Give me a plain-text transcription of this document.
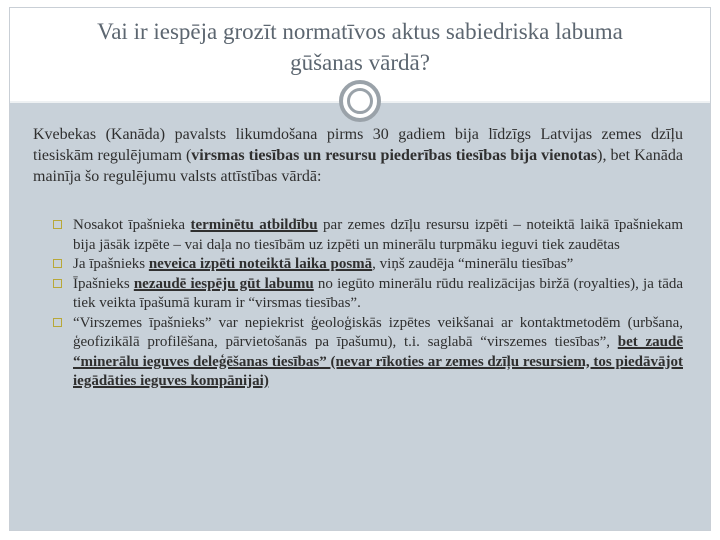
Vai ir iespēja grozīt normatīvos aktus sabiedriska labuma
gūšanas vārdā?

Kvebekas (Kanāda) pavalsts likumdošana pirms 30 gadiem bija līdzīgs Latvijas zemes dzīļu tiesiskām regulējumam (virsmas tiesības un resursu piederības tiesības bija vienotas), bet Kanāda mainīja šo regulējumu valsts attīstības vārdā:

Nosakot īpašnieka terminētu atbildību par zemes dzīļu resursu izpēti – noteiktā laikā īpašniekam bija jāsāk izpēte – vai daļa no tiesībām uz izpēti un minerālu turpmāku ieguvi tiek zaudētas
Ja īpašnieks neveica izpēti noteiktā laika posmā, viņš zaudēja “minerālu tiesības”
Īpašnieks nezaudē iespēju gūt labumu no iegūto minerālu rūdu realizācijas biržā (royalties), ja tāda tiek veikta īpašumā kuram ir “virsmas tiesības”.
“Virszemes īpašnieks” var nepiekrist ģeoloģiskās izpētes veikšanai ar kontaktmetodēm (urbšana, ģeofizikālā profilēšana, pārvietošanās pa īpašumu), t.i. saglabā “virszemes tiesības”, bet zaudē “minerālu ieguves deleģēšanas tiesības” (nevar rīkoties ar zemes dzīļu resursiem, tos piedāvājot iegādāties ieguves kompānijai)
